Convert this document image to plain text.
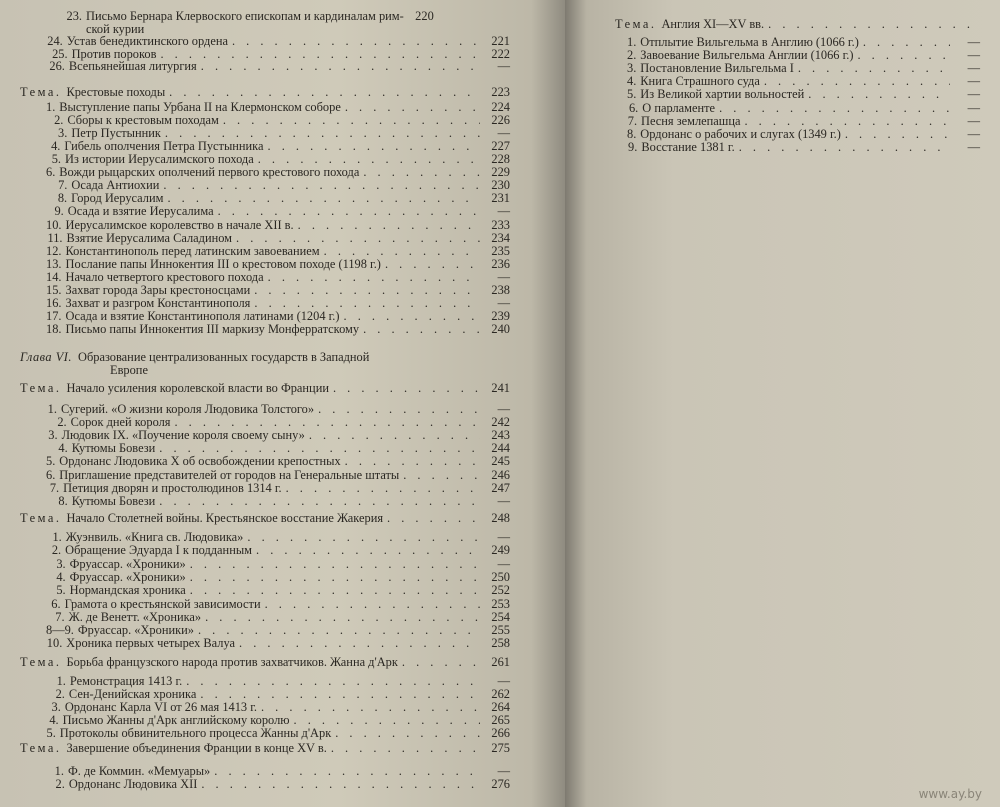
23. Письмо Бернара Клервоского епископам и кардиналам рим- 220
ской курии
24. Устав бенедиктинского ордена . . .	221
25. Против пороков . . .	222
26. Всепьянейшая литургия . . .	—
Тема. Крестовые походы . . .	223
1. Выступление папы Урбана II на Клермонском соборе . . .	224
2. Сборы к крестовым походам . . .	226
3. Петр Пустынник . . .	—
4. Гибель ополчения Петра Пустынника . . .	227
5. Из истории Иерусалимского похода . . .	228
6. Вожди рыцарских ополчений первого крестового похода . . .	229
7. Осада Антиохии . . .	230
8. Город Иерусалим . . .	231
9. Осада и взятие Иерусалима . . .	—
10. Иерусалимское королевство в начале XII в. . . .	233
11. Взятие Иерусалима Саладином . . .	234
12. Константинополь перед латинским завоеванием . . .	235
13. Послание папы Иннокентия III о крестовом походе (1198 г.) . . .	236
14. Начало четвертого крестового похода . . .	—
15. Захват города Зары крестоносцами . . .	238
16. Захват и разгром Константинополя . . .	—
17. Осада и взятие Константинополя латинами (1204 г.) . . .	239
18. Письмо папы Иннокентия III маркизу Монферратскому . . .	240
Глава VI. Образование централизованных государств в Западной
Европе
Тема. Начало усиления королевской власти во Франции . . .	241
1. Сугерий. «О жизни короля Людовика Толстого» . . .	—
2. Сорок дней короля . . .	242
3. Людовик IX. «Поучение короля своему сыну» . . .	243
4. Кутюмы Бовези . . .	244
5. Ордонанс Людовика X об освобождении крепостных . . .	245
6. Приглашение представителей от городов на Генеральные штаты . . .	246
7. Петиция дворян и простолюдинов 1314 г. . . .	247
8. Кутюмы Бовези . . .	—
Тема. Начало Столетней войны. Крестьянское восстание Жакерия . . .	248
1. Жуэнвиль. «Книга св. Людовика» . . .	—
2. Обращение Эдуарда I к подданным . . .	249
3. Фруассар. «Хроники» . . .	—
4. Фруассар. «Хроники» . . .	250
5. Нормандская хроника . . .	252
6. Грамота о крестьянской зависимости . . .	253
7. Ж. де Венетт. «Хроника» . . .	254
8—9. Фруассар. «Хроники» . . .	255
10. Хроника первых четырех Валуа . . .	258
Тема. Борьба французского народа против захватчиков. Жанна д'Арк . . .	261
1. Ремонстрация 1413 г. . . .	—
2. Сен-Денийская хроника . . .	262
3. Ордонанс Карла VI от 26 мая 1413 г. . . .	264
4. Письмо Жанны д'Арк английскому королю . . .	265
5. Протоколы обвинительного процесса Жанны д'Арк . . .	266
Тема. Завершение объединения Франции в конце XV в. . . .	275
1. Ф. де Коммин. «Мемуары» . . .	—
2. Ордонанс Людовика XII . . .	276
Тема. Англия XI—XV вв.
. . .
1. Отплытие Вильгельма в Англию (1066 г.) . . .	—
2. Завоевание Вильгельма Англии (1066 г.) . . .	—
3. Постановление Вильгельма I . . .	—
4. Книга Страшного суда . . .	—
5. Из Великой хартии вольностей . . .	—
6. О парламенте . . .	—
7. Песня землепашца . . .	—
8. Ордонанс о рабочих и слугах (1349 г.) . . .	—
9. Восстание 1381 г. . . .	—
www.ay.by
